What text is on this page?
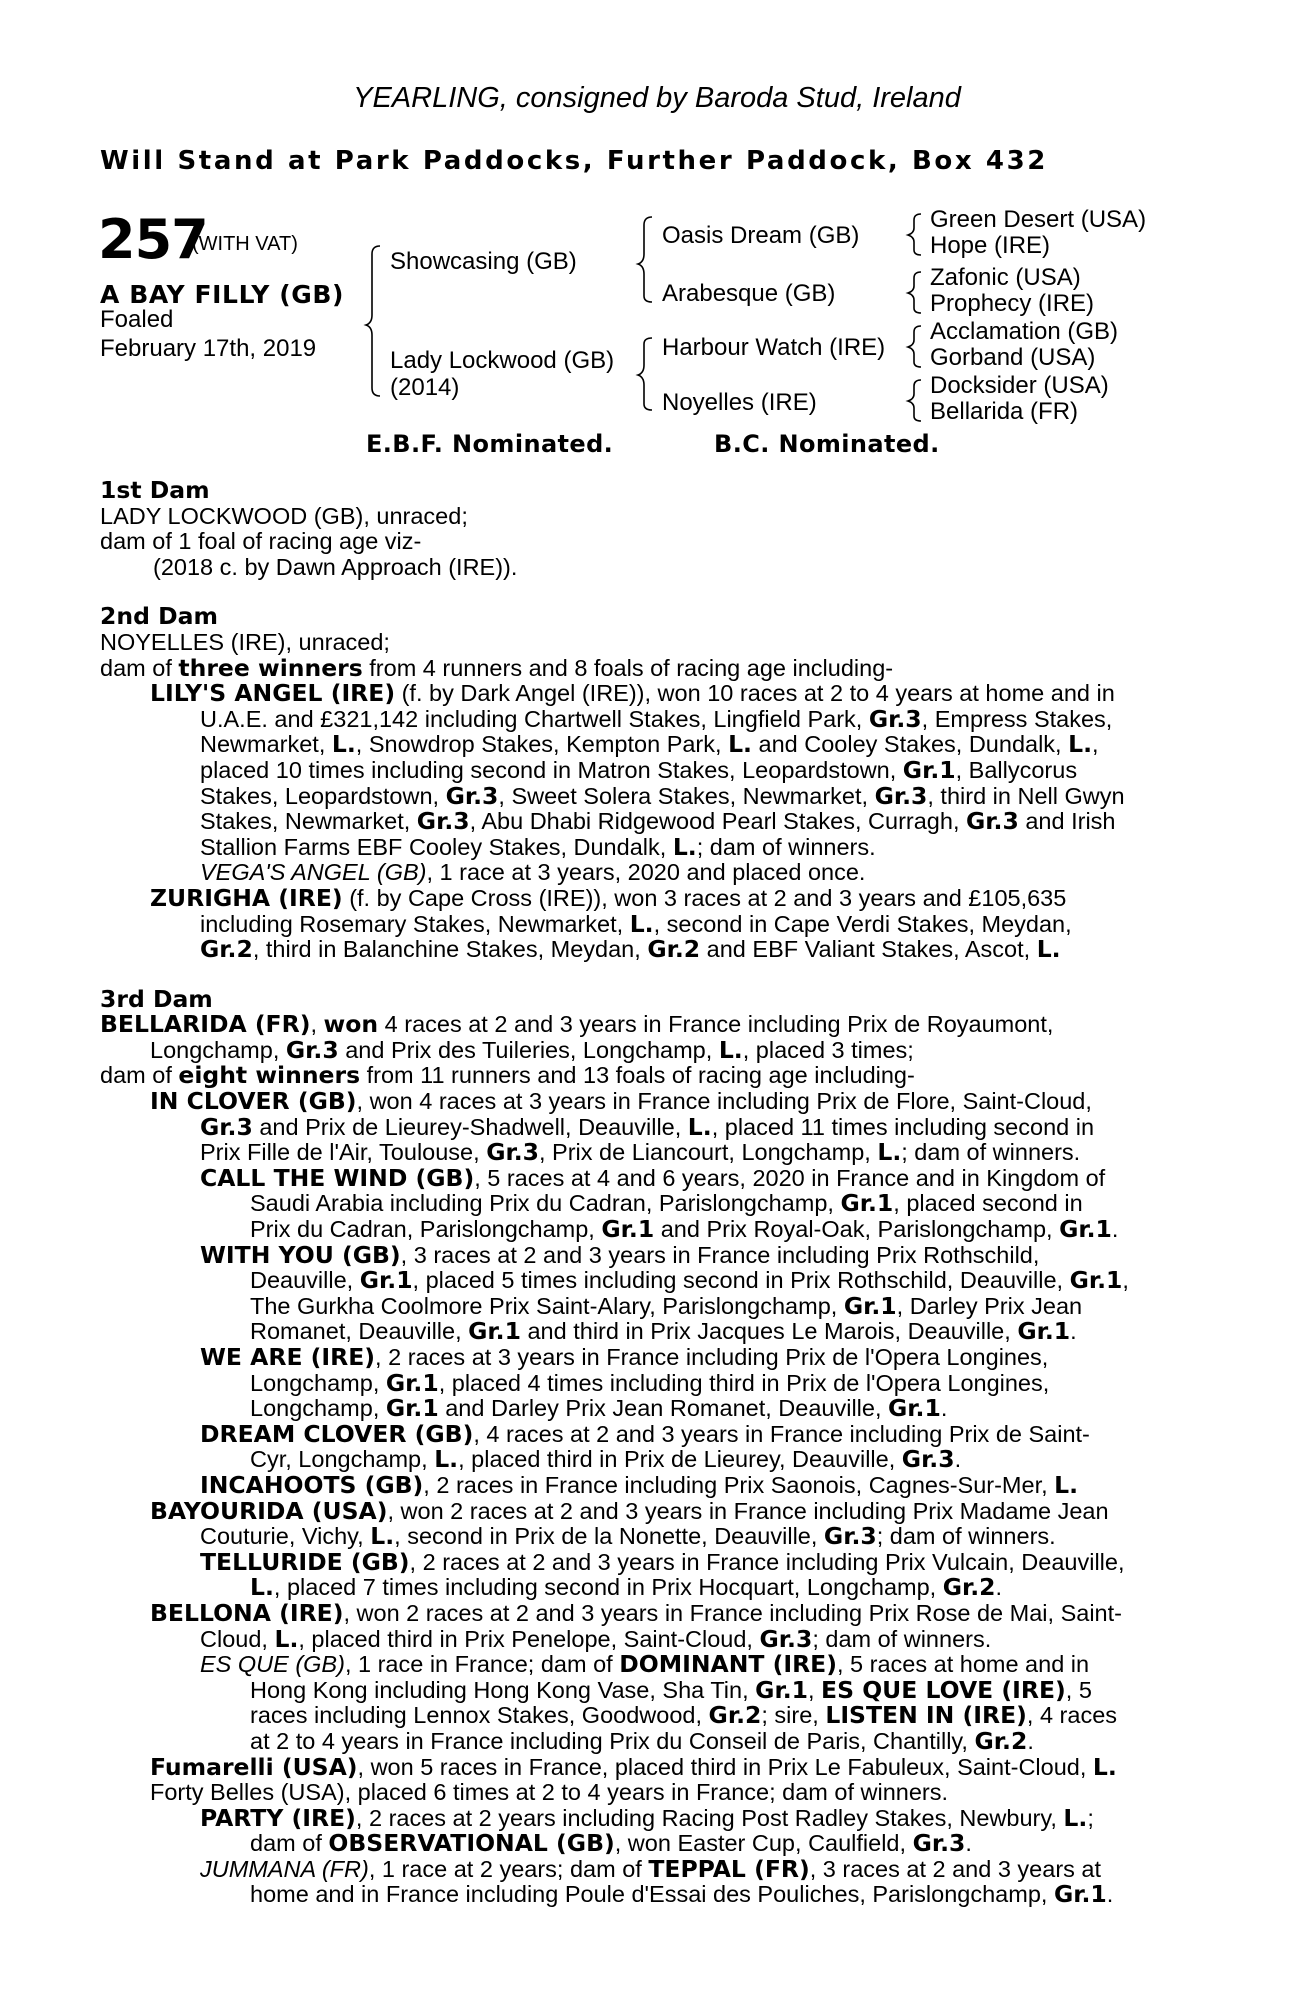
YEARLING, consigned by Baroda Stud, Ireland
Will Stand at Park Paddocks, Further Paddock, Box 432
257
(WITH VAT)
A BAY FILLY (GB)
Foaled
February 17th, 2019
Showcasing (GB)
Lady Lockwood (GB)
(2014)
Oasis Dream (GB)
Arabesque (GB)
Harbour Watch (IRE)
Noyelles (IRE)
Green Desert (USA)
Hope (IRE)
Zafonic (USA)
Prophecy (IRE)
Acclamation (GB)
Gorband (USA)
Docksider (USA)
Bellarida (FR)
E.B.F. Nominated.	B.C. Nominated.
1st Dam
LADY LOCKWOOD (GB), unraced;
dam of 1 foal of racing age viz-
(2018 c. by Dawn Approach (IRE)).
2nd Dam
NOYELLES (IRE), unraced;
dam of three winners from 4 runners and 8 foals of racing age including-
LILY'S ANGEL (IRE) (f. by Dark Angel (IRE)), won 10 races at 2 to 4 years at home and in
U.A.E. and £321,142 including Chartwell Stakes, Lingfield Park, Gr.3, Empress Stakes,
Newmarket, L., Snowdrop Stakes, Kempton Park, L. and Cooley Stakes, Dundalk, L.,
placed 10 times including second in Matron Stakes, Leopardstown, Gr.1, Ballycorus
Stakes, Leopardstown, Gr.3, Sweet Solera Stakes, Newmarket, Gr.3, third in Nell Gwyn
Stakes, Newmarket, Gr.3, Abu Dhabi Ridgewood Pearl Stakes, Curragh, Gr.3 and Irish
Stallion Farms EBF Cooley Stakes, Dundalk, L.; dam of winners.
VEGA'S ANGEL (GB), 1 race at 3 years, 2020 and placed once.
ZURIGHA (IRE) (f. by Cape Cross (IRE)), won 3 races at 2 and 3 years and £105,635
including Rosemary Stakes, Newmarket, L., second in Cape Verdi Stakes, Meydan,
Gr.2, third in Balanchine Stakes, Meydan, Gr.2 and EBF Valiant Stakes, Ascot, L.
3rd Dam
BELLARIDA (FR), won 4 races at 2 and 3 years in France including Prix de Royaumont,
Longchamp, Gr.3 and Prix des Tuileries, Longchamp, L., placed 3 times;
dam of eight winners from 11 runners and 13 foals of racing age including-
IN CLOVER (GB), won 4 races at 3 years in France including Prix de Flore, Saint-Cloud,
Gr.3 and Prix de Lieurey-Shadwell, Deauville, L., placed 11 times including second in
Prix Fille de l'Air, Toulouse, Gr.3, Prix de Liancourt, Longchamp, L.; dam of winners.
CALL THE WIND (GB), 5 races at 4 and 6 years, 2020 in France and in Kingdom of
Saudi Arabia including Prix du Cadran, Parislongchamp, Gr.1, placed second in
Prix du Cadran, Parislongchamp, Gr.1 and Prix Royal-Oak, Parislongchamp, Gr.1.
WITH YOU (GB), 3 races at 2 and 3 years in France including Prix Rothschild,
Deauville, Gr.1, placed 5 times including second in Prix Rothschild, Deauville, Gr.1,
The Gurkha Coolmore Prix Saint-Alary, Parislongchamp, Gr.1, Darley Prix Jean
Romanet, Deauville, Gr.1 and third in Prix Jacques Le Marois, Deauville, Gr.1.
WE ARE (IRE), 2 races at 3 years in France including Prix de l'Opera Longines,
Longchamp, Gr.1, placed 4 times including third in Prix de l'Opera Longines,
Longchamp, Gr.1 and Darley Prix Jean Romanet, Deauville, Gr.1.
DREAM CLOVER (GB), 4 races at 2 and 3 years in France including Prix de Saint-
Cyr, Longchamp, L., placed third in Prix de Lieurey, Deauville, Gr.3.
INCAHOOTS (GB), 2 races in France including Prix Saonois, Cagnes-Sur-Mer, L.
BAYOURIDA (USA), won 2 races at 2 and 3 years in France including Prix Madame Jean
Couturie, Vichy, L., second in Prix de la Nonette, Deauville, Gr.3; dam of winners.
TELLURIDE (GB), 2 races at 2 and 3 years in France including Prix Vulcain, Deauville,
L., placed 7 times including second in Prix Hocquart, Longchamp, Gr.2.
BELLONA (IRE), won 2 races at 2 and 3 years in France including Prix Rose de Mai, Saint-
Cloud, L., placed third in Prix Penelope, Saint-Cloud, Gr.3; dam of winners.
ES QUE (GB), 1 race in France; dam of DOMINANT (IRE), 5 races at home and in
Hong Kong including Hong Kong Vase, Sha Tin, Gr.1, ES QUE LOVE (IRE), 5
races including Lennox Stakes, Goodwood, Gr.2; sire, LISTEN IN (IRE), 4 races
at 2 to 4 years in France including Prix du Conseil de Paris, Chantilly, Gr.2.
Fumarelli (USA), won 5 races in France, placed third in Prix Le Fabuleux, Saint-Cloud, L.
Forty Belles (USA), placed 6 times at 2 to 4 years in France; dam of winners.
PARTY (IRE), 2 races at 2 years including Racing Post Radley Stakes, Newbury, L.;
dam of OBSERVATIONAL (GB), won Easter Cup, Caulfield, Gr.3.
JUMMANA (FR), 1 race at 2 years; dam of TEPPAL (FR), 3 races at 2 and 3 years at
home and in France including Poule d'Essai des Pouliches, Parislongchamp, Gr.1.
